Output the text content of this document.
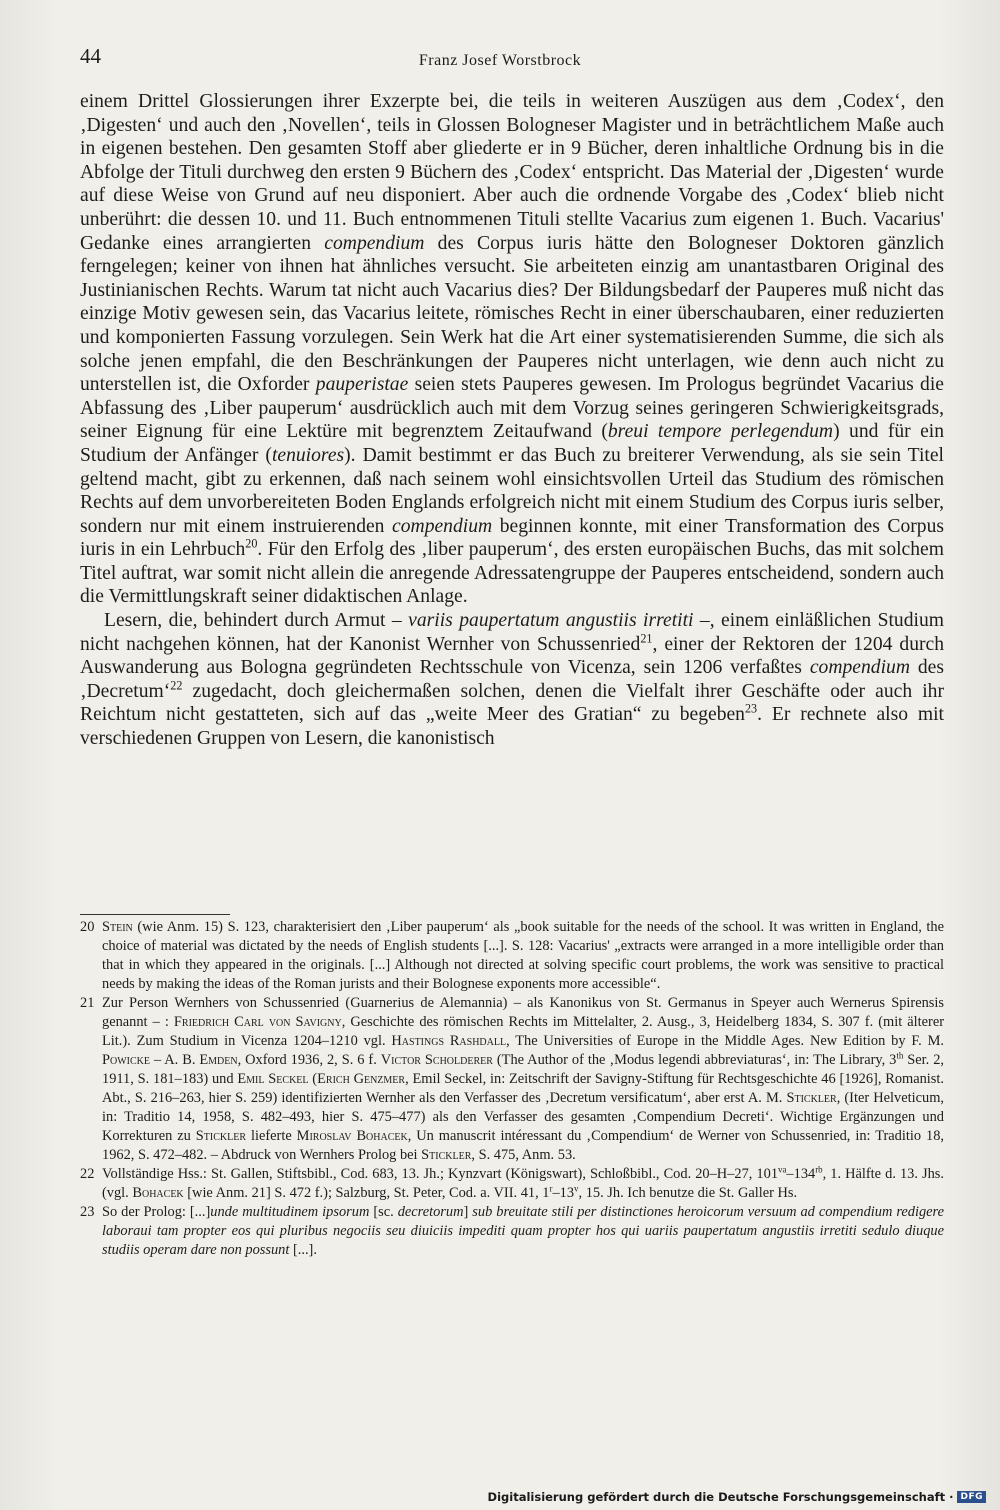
44	Franz Josef Worstbrock

einem Drittel Glossierungen ihrer Exzerpte bei, die teils in weiteren Auszügen aus dem ‚Codex‘, den ‚Digesten‘ und auch den ‚Novellen‘, teils in Glossen Bologneser Magister und in beträchtlichem Maße auch in eigenen bestehen. Den gesamten Stoff aber gliederte er in 9 Bücher, deren inhaltliche Ordnung bis in die Abfolge der Tituli durchweg den ersten 9 Büchern des ‚Codex‘ entspricht. Das Material der ‚Digesten‘ wurde auf diese Weise von Grund auf neu disponiert. Aber auch die ordnende Vorgabe des ‚Codex‘ blieb nicht unberührt: die dessen 10. und 11. Buch entnommenen Tituli stellte Vacarius zum eigenen 1. Buch. Vacarius' Gedanke eines arrangierten compendium des Corpus iuris hätte den Bologneser Doktoren gänzlich ferngelegen; keiner von ihnen hat ähnliches versucht. Sie arbeiteten einzig am unantastbaren Original des Justinianischen Rechts. Warum tat nicht auch Vacarius dies? Der Bildungsbedarf der Pauperes muß nicht das einzige Motiv gewesen sein, das Vacarius leitete, römisches Recht in einer überschaubaren, einer reduzierten und komponierten Fassung vorzulegen. Sein Werk hat die Art einer systematisierenden Summe, die sich als solche jenen empfahl, die den Beschränkungen der Pauperes nicht unterlagen, wie denn auch nicht zu unterstellen ist, die Oxforder pauperistae seien stets Pauperes gewesen. Im Prologus begründet Vacarius die Abfassung des ‚Liber pauperum‘ ausdrücklich auch mit dem Vorzug seines geringeren Schwierigkeitsgrads, seiner Eignung für eine Lektüre mit begrenztem Zeitaufwand (breui tempore perlegendum) und für ein Studium der Anfänger (tenuiores). Damit bestimmt er das Buch zu breiterer Verwendung, als sie sein Titel geltend macht, gibt zu erkennen, daß nach seinem wohl einsichtsvollen Urteil das Studium des römischen Rechts auf dem unvorbereiteten Boden Englands erfolgreich nicht mit einem Studium des Corpus iuris selber, sondern nur mit einem instruierenden compendium beginnen konnte, mit einer Transformation des Corpus iuris in ein Lehrbuch$^{20}$. Für den Erfolg des ‚liber pauperum‘, des ersten europäischen Buchs, das mit solchem Titel auftrat, war somit nicht allein die anregende Adressatengruppe der Pauperes entscheidend, sondern auch die Vermittlungskraft seiner didaktischen Anlage.

Lesern, die, behindert durch Armut – variis paupertatum angustiis irretiti –, einem einläßlichen Studium nicht nachgehen können, hat der Kanonist Wernher von Schussenried$^{21}$, einer der Rektoren der 1204 durch Auswanderung aus Bologna gegründeten Rechtsschule von Vicenza, sein 1206 verfaßtes compendium des ‚Decretum‘$^{22}$ zugedacht, doch gleichermaßen solchen, denen die Vielfalt ihrer Geschäfte oder auch ihr Reichtum nicht gestatteten, sich auf das „weite Meer des Gratian“ zu begeben$^{23}$. Er rechnete also mit verschiedenen Gruppen von Lesern, die kanonistisch

20 Stein (wie Anm. 15) S. 123, charakterisiert den ‚Liber pauperum‘ als „book suitable for the needs of the school. It was written in England, the choice of material was dictated by the needs of English students [...]. S. 128: Vacarius' „extracts were arranged in a more intelligible order than that in which they appeared in the originals. [...] Although not directed at solving specific court problems, the work was sensitive to practical needs by making the ideas of the Roman jurists and their Bolognese exponents more accessible“.
21 Zur Person Wernhers von Schussenried (Guarnerius de Alemannia) – als Kanonikus von St. Germanus in Speyer auch Wernerus Spirensis genannt – : Friedrich Carl von Savigny, Geschichte des römischen Rechts im Mittelalter, 2. Ausg., 3, Heidelberg 1834, S. 307 f. (mit älterer Lit.). Zum Studium in Vicenza 1204–1210 vgl. Hastings Rashdall, The Universities of Europe in the Middle Ages. New Edition by F. M. Powicke – A. B. Emden, Oxford 1936, 2, S. 6 f. Victor Scholderer (The Author of the ‚Modus legendi abbreviaturas‘, in: The Library, 3th Ser. 2, 1911, S. 181–183) und Emil Seckel (Erich Genzmer, Emil Seckel, in: Zeitschrift der Savigny-Stiftung für Rechtsgeschichte 46 [1926], Romanist. Abt., S. 216–263, hier S. 259) identifizierten Wernher als den Verfasser des ‚Decretum versificatum‘, aber erst A. M. Stickler, (Iter Helveticum, in: Traditio 14, 1958, S. 482–493, hier S. 475–477) als den Verfasser des gesamten ‚Compendium Decreti‘. Wichtige Ergänzungen und Korrekturen zu Stickler lieferte Miroslav Bohacek, Un manuscrit intéressant du ‚Compendium‘ de Werner von Schussenried, in: Traditio 18, 1962, S. 472–482. – Abdruck von Wernhers Prolog bei Stickler, S. 475, Anm. 53.
22 Vollständige Hss.: St. Gallen, Stiftsbibl., Cod. 683, 13. Jh.; Kynzvart (Königswart), Schloßbibl., Cod. 20–H–27, $101^{va}-134^{rb}$, 1. Hälfte d. 13. Jhs. (vgl. Bohacek [wie Anm. 21] S. 472 f.); Salzburg, St. Peter, Cod. a. VII. 41, 1$^r$–13$^v$, 15. Jh. Ich benutze die St. Galler Hs.
23 So der Prolog: [...]unde multitudinem ipsorum [sc. decretorum] sub breuitate stili per distinctiones heroicorum versuum ad compendium redigere laboraui tam propter eos qui pluribus negociis seu diuiciis impediti quam propter hos qui uariis paupertatum angustiis irretiti sedulo diuque studiis operam dare non possunt [...].
Digitalisierung gefördert durch die Deutsche Forschungsgemeinschaft · DFG
